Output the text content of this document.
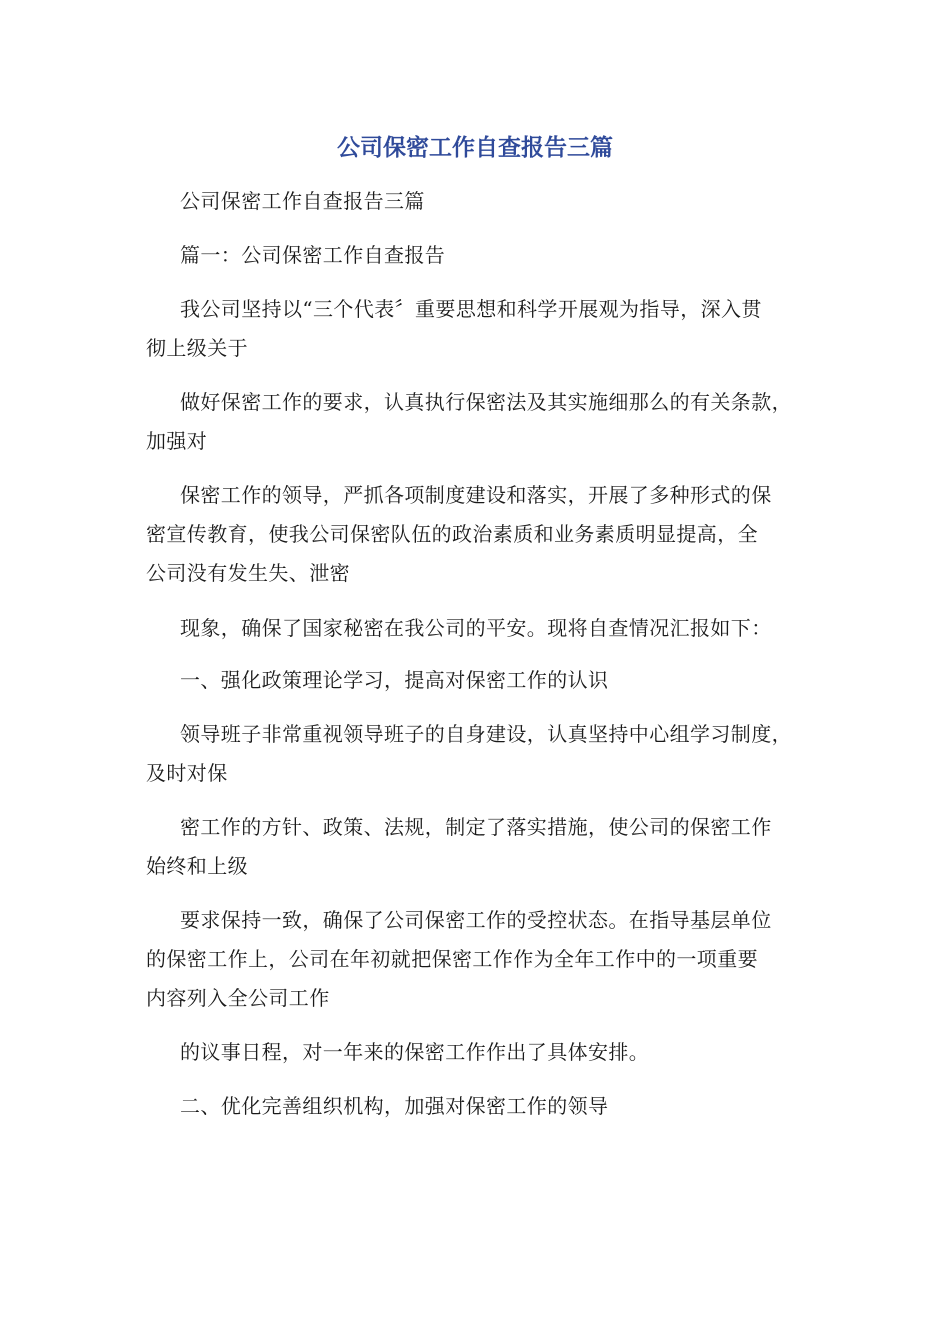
公司保密工作自查报告三篇

公司保密工作自查报告三篇

篇一：公司保密工作自查报告

我公司坚持以“三个代表〞重要思想和科学开展观为指导，深入贯
彻上级关于

做好保密工作的要求，认真执行保密法及其实施细那么的有关条款，
加强对

保密工作的领导，严抓各项制度建设和落实，开展了多种形式的保
密宣传教育，使我公司保密队伍的政治素质和业务素质明显提高，全
公司没有发生失、泄密

现象，确保了国家秘密在我公司的平安。现将自查情况汇报如下：

一、强化政策理论学习，提高对保密工作的认识

领导班子非常重视领导班子的自身建设，认真坚持中心组学习制度，
及时对保

密工作的方针、政策、法规，制定了落实措施，使公司的保密工作
始终和上级

要求保持一致，确保了公司保密工作的受控状态。在指导基层单位
的保密工作上，公司在年初就把保密工作作为全年工作中的一项重要
内容列入全公司工作

的议事日程，对一年来的保密工作作出了具体安排。

二、优化完善组织机构，加强对保密工作的领导
